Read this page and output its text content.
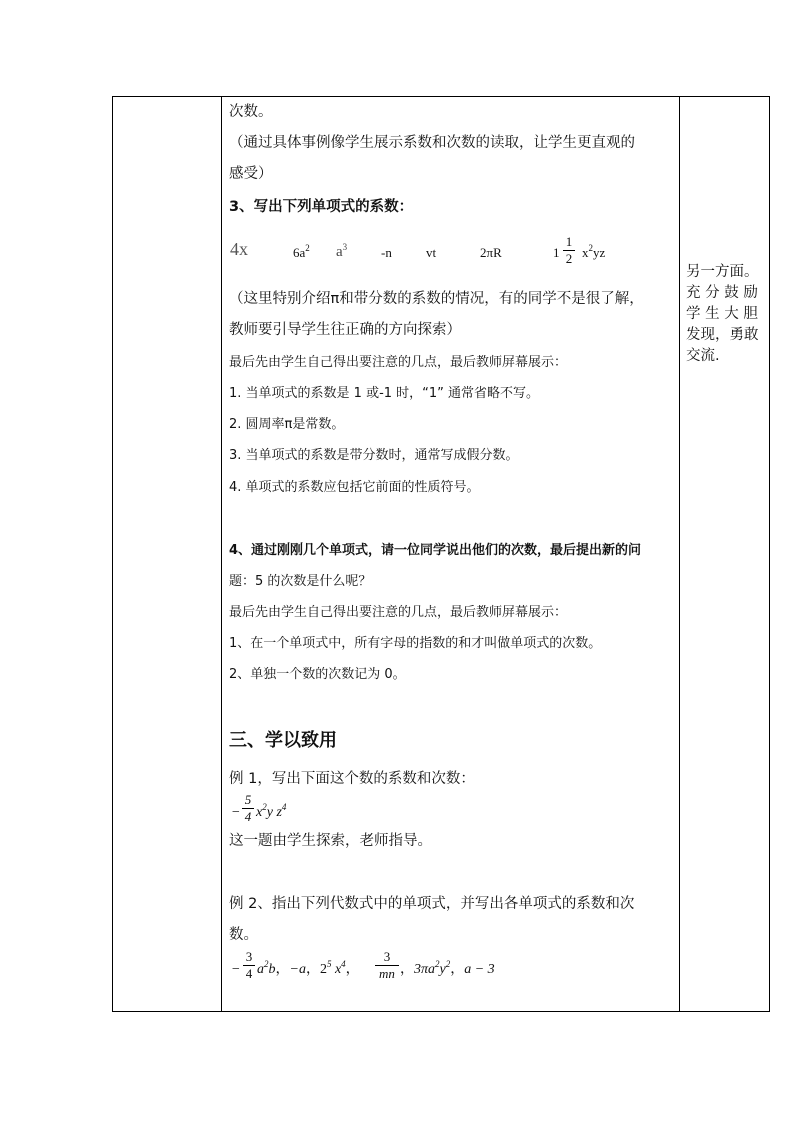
次数。
（通过具体事例像学生展示系数和次数的读取，让学生更直观的
感受）
3、写出下列单项式的系数：
4x	$6a^2$ $a^3$	-n	vt	2πR	1
1
2 $x^2yz$
（这里特别介绍π和带分数的系数的情况，有的同学不是很了解，
教师要引导学生往正确的方向探索）
最后先由学生自己得出要注意的几点，最后教师屏幕展示：
1. 当单项式的系数是 1 或-1 时，“1” 通常省略不写。
2. 圆周率π是常数。
3. 当单项式的系数是带分数时，通常写成假分数。
4. 单项式的系数应包括它前面的性质符号。
4、通过刚刚几个单项式，请一位同学说出他们的次数，最后提出新的问
题：5 的次数是什么呢？
最后先由学生自己得出要注意的几点，最后教师屏幕展示：
1、在一个单项式中，所有字母的指数的和才叫做单项式的次数。
2、单独一个数的次数记为 0。
三、学以致用
例 1，写出下面这个数的系数和次数：
−
5
4 $x^2y$ $z^4$
这一题由学生探索，老师指导。
例 2、指出下列代数式中的单项式，并写出各单项式的系数和次
数。
−
3
4 $a^2b$，−a，$2^5$ $x^4$，
3
mn ，$3\pi a^2y^2$，a − 3
另一方面。
充 分 鼓 励
学 生 大 胆
发现，勇敢
交流.
